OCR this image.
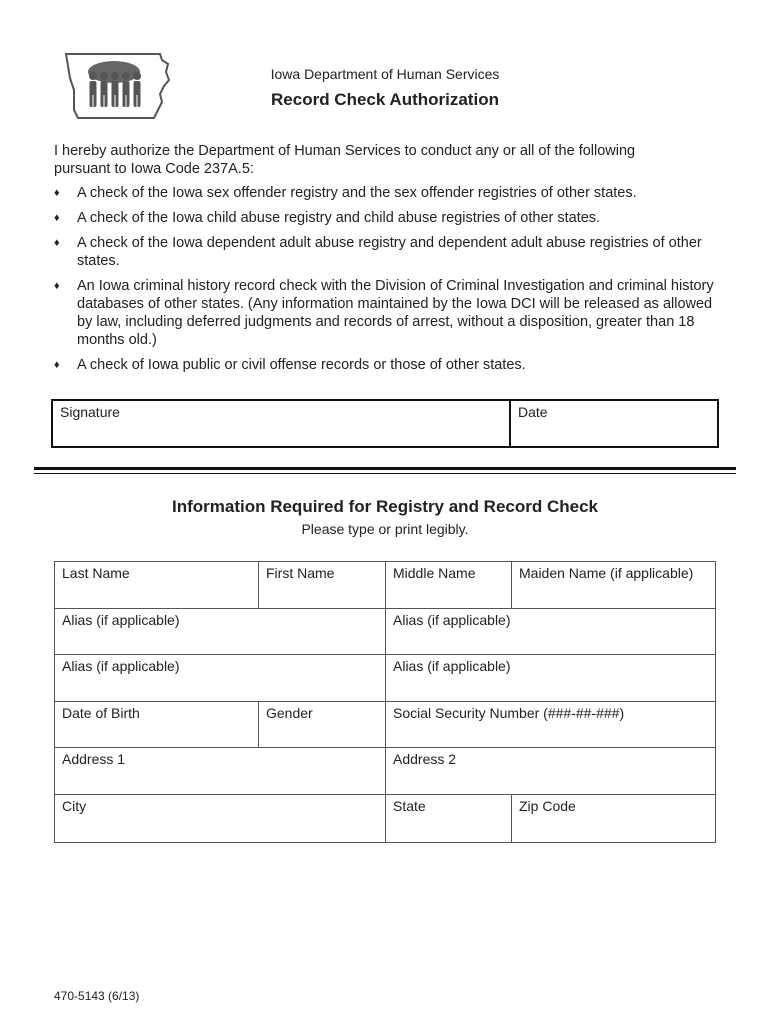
Iowa Department of Human Services
Record Check Authorization

I hereby authorize the Department of Human Services to conduct any or all of the following pursuant to Iowa Code 237A.5:

♦ A check of the Iowa sex offender registry and the sex offender registries of other states.
♦ A check of the Iowa child abuse registry and child abuse registries of other states.
♦ A check of the Iowa dependent adult abuse registry and dependent adult abuse registries of other states.
♦ An Iowa criminal history record check with the Division of Criminal Investigation and criminal history databases of other states. (Any information maintained by the Iowa DCI will be released as allowed by law, including deferred judgments and records of arrest, without a disposition, greater than 18 months old.)
♦ A check of Iowa public or civil offense records or those of other states.
Signature	Date
Information Required for Registry and Record Check
Please type or print legibly.
Last Name	First Name	Middle Name	Maiden Name (if applicable)
Alias (if applicable)	Alias (if applicable)
Alias (if applicable)	Alias (if applicable)
Date of Birth	Gender	Social Security Number (###-##-###)
Address 1	Address 2
City	State	Zip Code
470-5143 (6/13)
